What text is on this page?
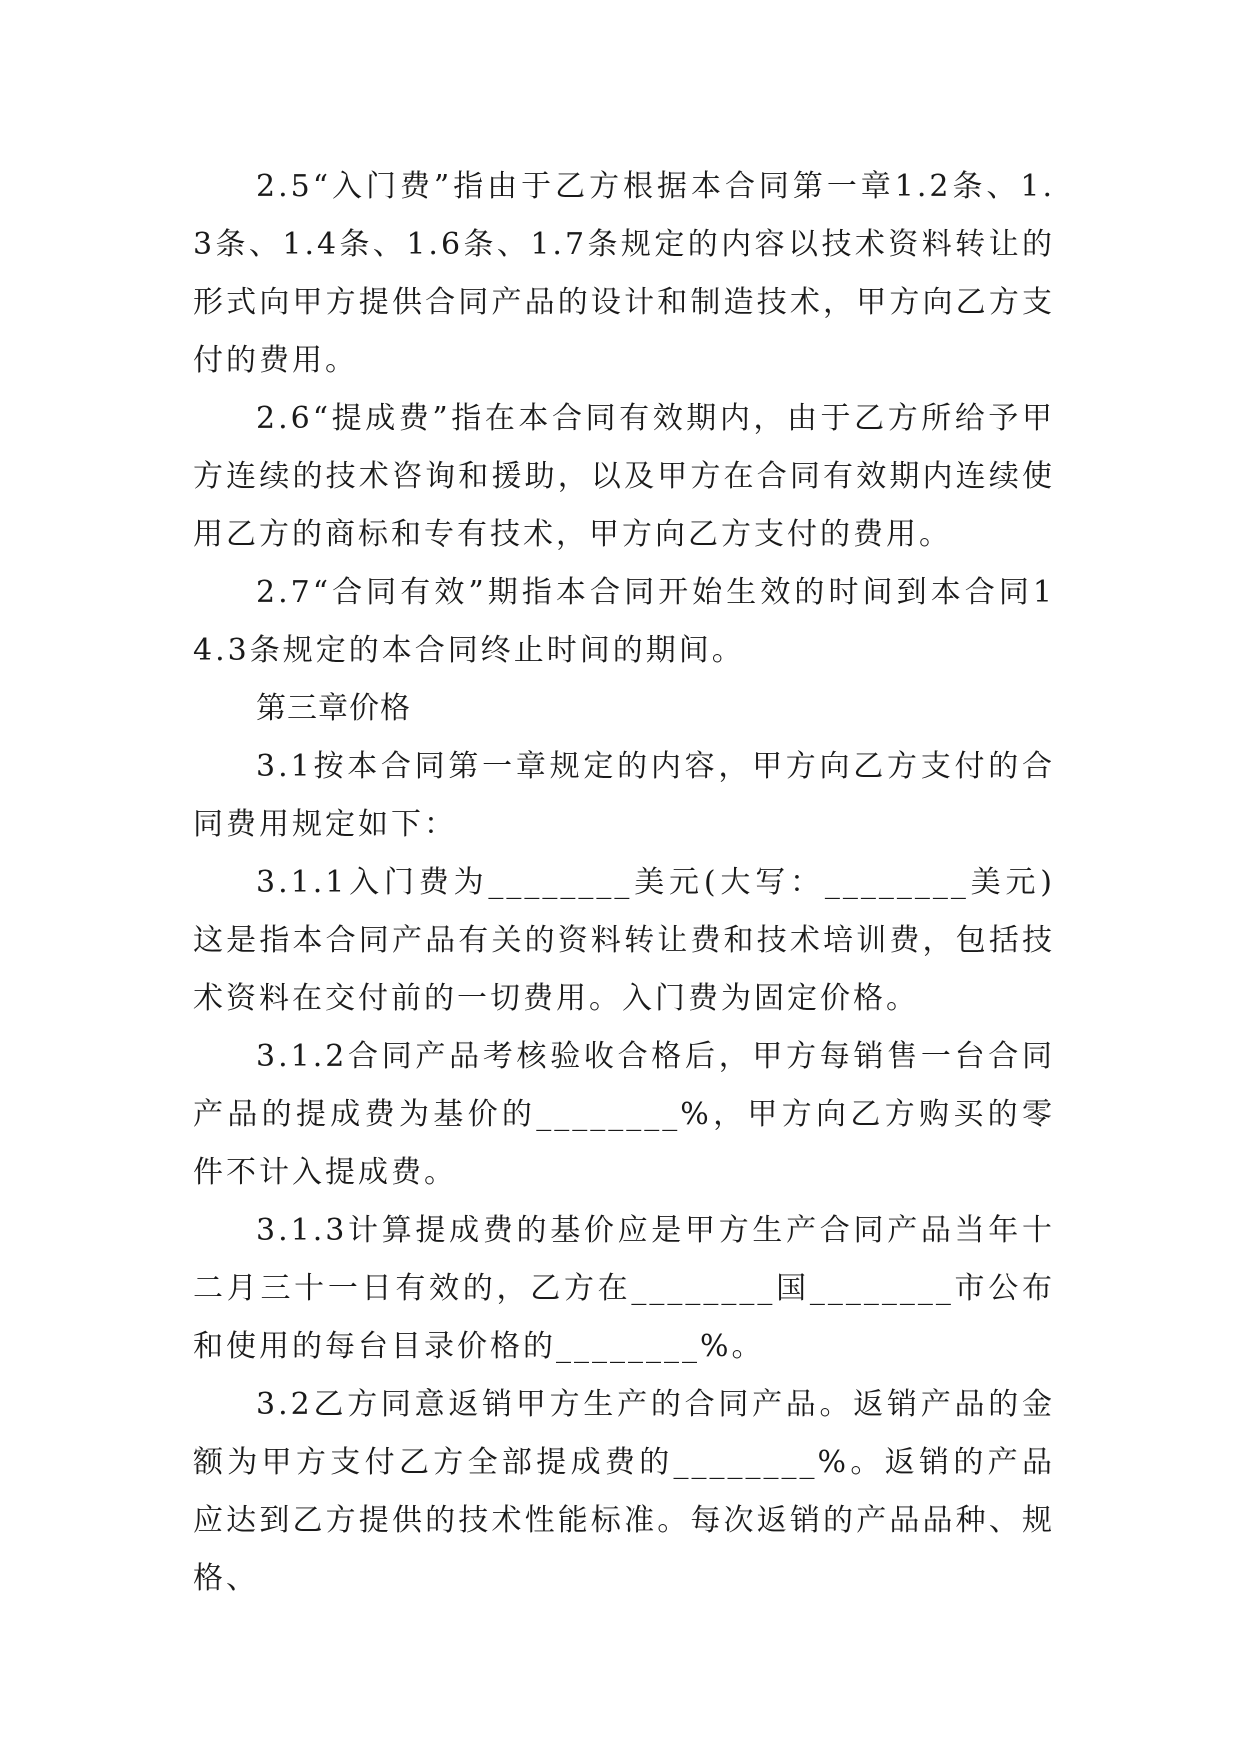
2.5“入门费”指由于乙方根据本合同第一章1.2条、1.3条、1.4条、1.6条、1.7条规定的内容以技术资料转让的形式向甲方提供合同产品的设计和制造技术，甲方向乙方支付的费用。

2.6“提成费”指在本合同有效期内，由于乙方所给予甲方连续的技术咨询和援助，以及甲方在合同有效期内连续使用乙方的商标和专有技术，甲方向乙方支付的费用。

2.7“合同有效”期指本合同开始生效的时间到本合同14.3条规定的本合同终止时间的期间。

第三章价格

3.1按本合同第一章规定的内容，甲方向乙方支付的合同费用规定如下：

3.1.1入门费为________美元(大写：________美元)这是指本合同产品有关的资料转让费和技术培训费，包括技术资料在交付前的一切费用。入门费为固定价格。

3.1.2合同产品考核验收合格后，甲方每销售一台合同产品的提成费为基价的________%，甲方向乙方购买的零件不计入提成费。

3.1.3计算提成费的基价应是甲方生产合同产品当年十二月三十一日有效的，乙方在________国________市公布和使用的每台目录价格的________%。

3.2乙方同意返销甲方生产的合同产品。返销产品的金额为甲方支付乙方全部提成费的________%。返销的产品应达到乙方提供的技术性能标准。每次返销的产品品种、规格、
